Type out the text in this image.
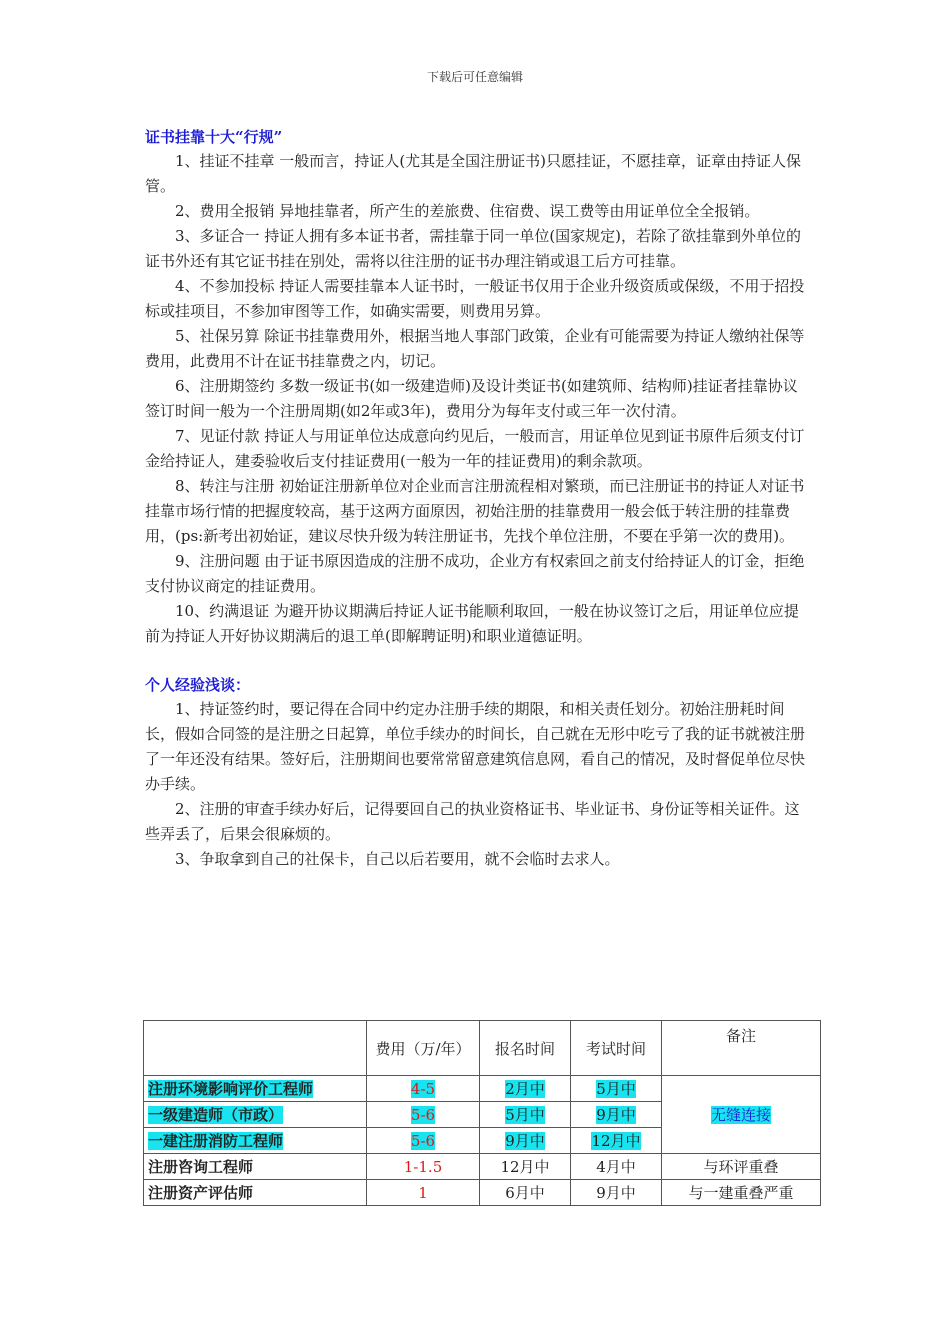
下载后可任意编辑
证书挂靠十大“行规”

1、挂证不挂章 一般而言，持证人(尤其是全国注册证书)只愿挂证，不愿挂章，证章由持证人保管。

2、费用全报销 异地挂靠者，所产生的差旅费、住宿费、误工费等由用证单位全全报销。

3、多证合一 持证人拥有多本证书者，需挂靠于同一单位(国家规定)，若除了欲挂靠到外单位的证书外还有其它证书挂在别处，需将以往注册的证书办理注销或退工后方可挂靠。

4、不参加投标 持证人需要挂靠本人证书时，一般证书仅用于企业升级资质或保级，不用于招投标或挂项目，不参加审图等工作，如确实需要，则费用另算。

5、社保另算 除证书挂靠费用外，根据当地人事部门政策，企业有可能需要为持证人缴纳社保等费用，此费用不计在证书挂靠费之内，切记。

6、注册期签约 多数一级证书(如一级建造师)及设计类证书(如建筑师、结构师)挂证者挂靠协议签订时间一般为一个注册周期(如2年或3年)，费用分为每年支付或三年一次付清。

7、见证付款 持证人与用证单位达成意向约见后，一般而言，用证单位见到证书原件后须支付订金给持证人，建委验收后支付挂证费用(一般为一年的挂证费用)的剩余款项。

8、转注与注册 初始证注册新单位对企业而言注册流程相对繁琐，而已注册证书的持证人对证书挂靠市场行情的把握度较高，基于这两方面原因，初始注册的挂靠费用一般会低于转注册的挂靠费用，(ps:新考出初始证，建议尽快升级为转注册证书，先找个单位注册，不要在乎第一次的费用)。

9、注册问题 由于证书原因造成的注册不成功，企业方有权索回之前支付给持证人的订金，拒绝支付协议商定的挂证费用。

10、约满退证 为避开协议期满后持证人证书能顺利取回，一般在协议签订之后，用证单位应提前为持证人开好协议期满后的退工单(即解聘证明)和职业道德证明。

个人经验浅谈：

1、持证签约时，要记得在合同中约定办注册手续的期限，和相关责任划分。初始注册耗时间长，假如合同签的是注册之日起算，单位手续办的时间长，自己就在无形中吃亏了我的证书就被注册了一年还没有结果。签好后，注册期间也要常常留意建筑信息网，看自己的情况，及时督促单位尽快办手续。

2、注册的审查手续办好后，记得要回自己的执业资格证书、毕业证书、身份证等相关证件。这些弄丢了，后果会很麻烦的。

3、争取拿到自己的社保卡，自己以后若要用，就不会临时去求人。

	费用（万/年）	报名时间	考试时间	备注
注册环境影响评价工程师	4-5	2月中	5月中	无缝连接
一级建造师（市政）	5-6	5月中	9月中	
一建注册消防工程师	5-6	9月中	12月中	
注册咨询工程师	1-1.5	12月中	4月中	与环评重叠
注册资产评估师	1	6月中	9月中	与一建重叠严重
